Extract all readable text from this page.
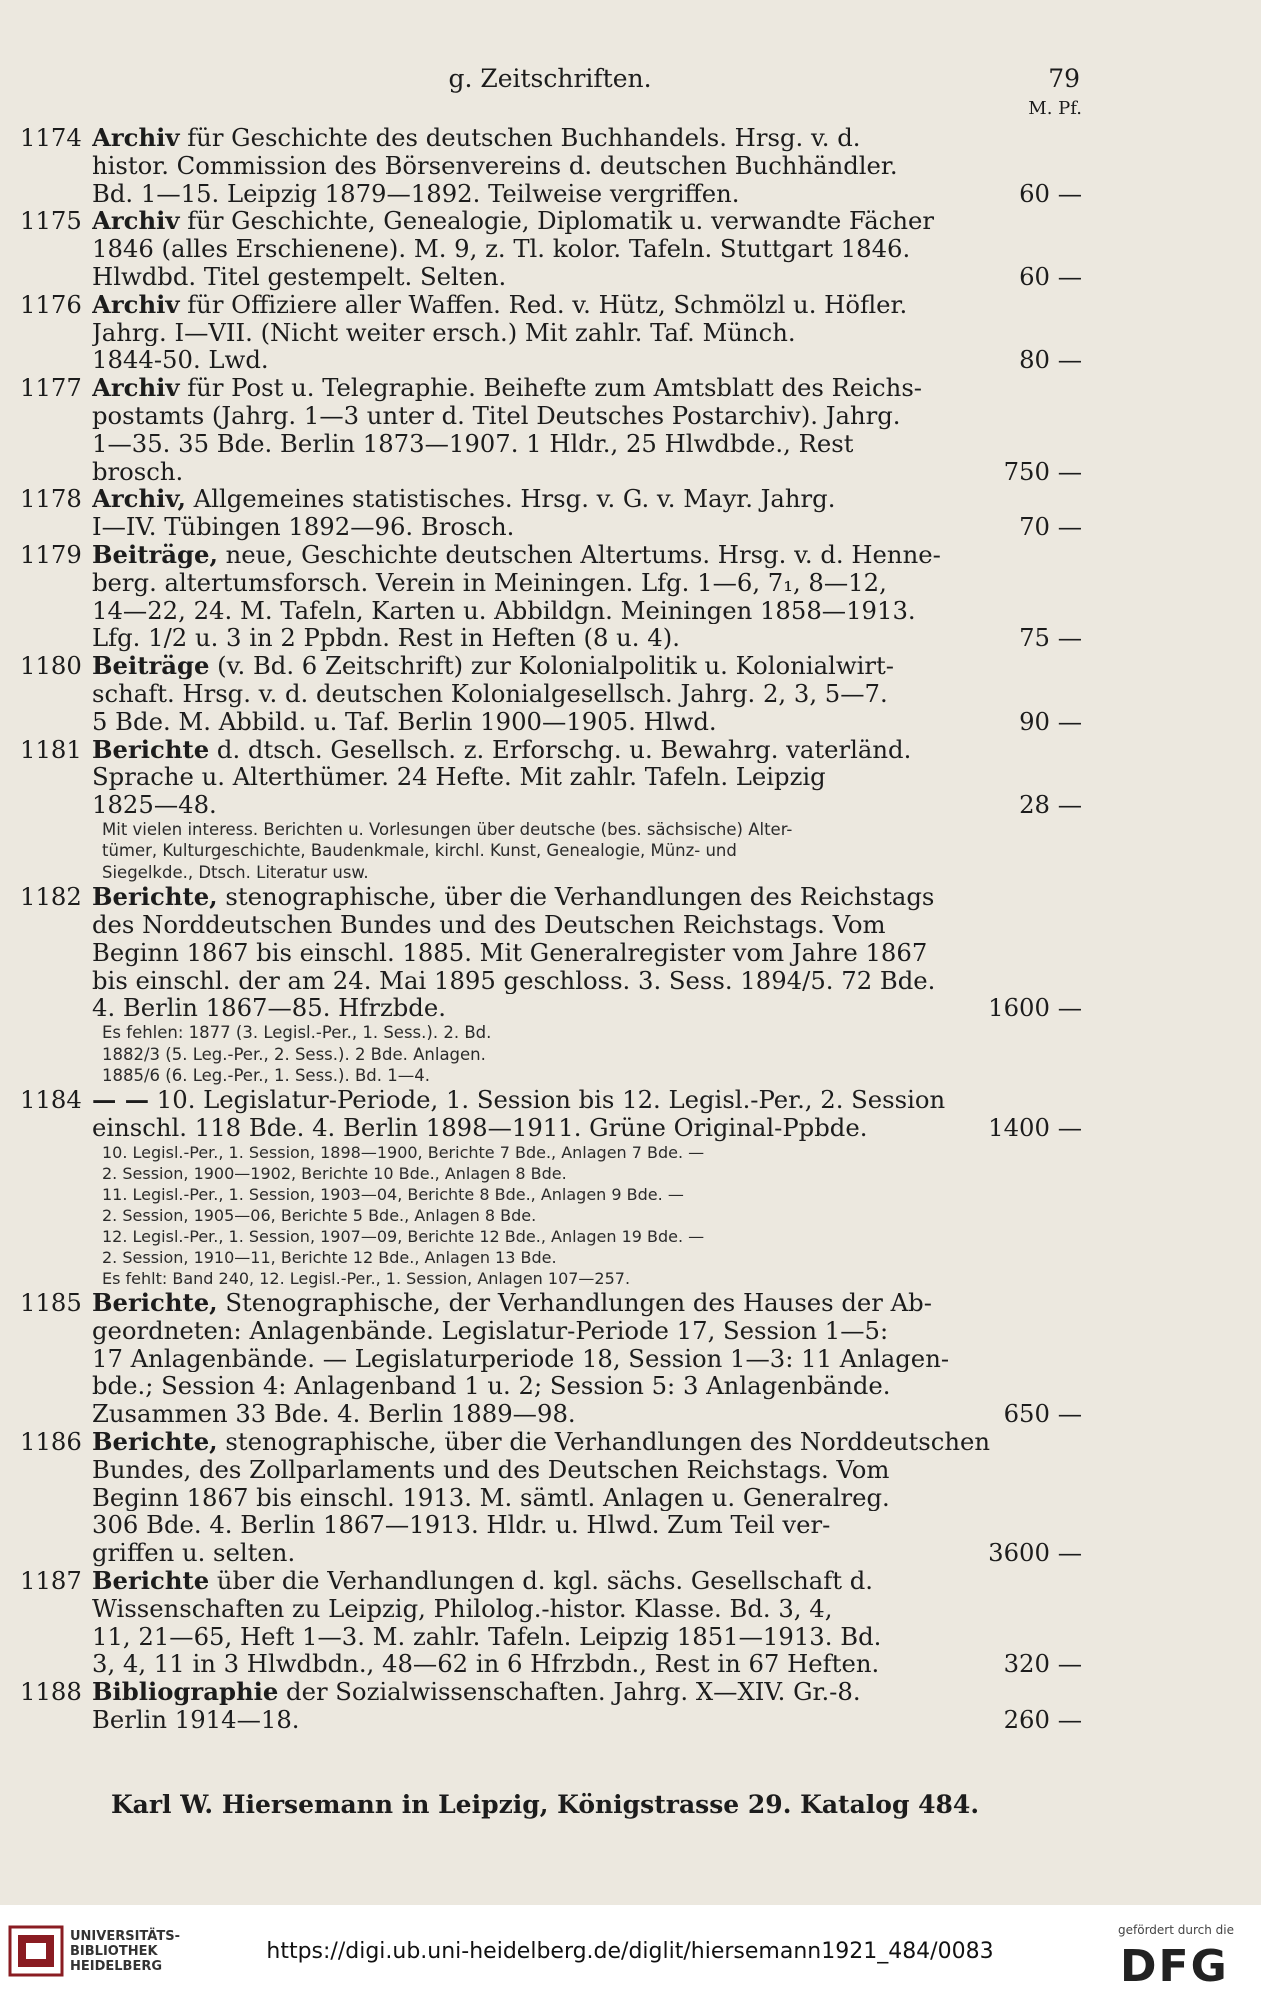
g. Zeitschriften.	79
M. Pf.
1174 Archiv für Geschichte des deutschen Buchhandels. Hrsg. v. d.
histor. Commission des Börsenvereins d. deutschen Buchhändler.
Bd. 1—15. Leipzig 1879—1892. Teilweise vergriffen.	60 —
1175 Archiv für Geschichte, Genealogie, Diplomatik u. verwandte Fächer
1846 (alles Erschienene). M. 9, z. Tl. kolor. Tafeln. Stuttgart 1846.
Hlwdbd. Titel gestempelt. Selten.	60 —
1176 Archiv für Offiziere aller Waffen. Red. v. Hütz, Schmölzl u. Höfler.
Jahrg. I—VII. (Nicht weiter ersch.) Mit zahlr. Taf. Münch.
1844-50. Lwd.	80 —
1177 Archiv für Post u. Telegraphie. Beihefte zum Amtsblatt des Reichs-
postamts (Jahrg. 1—3 unter d. Titel Deutsches Postarchiv). Jahrg.
1—35. 35 Bde. Berlin 1873—1907. 1 Hldr., 25 Hlwdbde., Rest
brosch.	750 —
1178 Archiv, Allgemeines statistisches. Hrsg. v. G. v. Mayr. Jahrg.
I—IV. Tübingen 1892—96. Brosch.	70 —
1179 Beiträge, neue, Geschichte deutschen Altertums. Hrsg. v. d. Henne-
berg. altertumsforsch. Verein in Meiningen. Lfg. 1—6, 7₁, 8—12,
14—22, 24. M. Tafeln, Karten u. Abbildgn. Meiningen 1858—1913.
Lfg. 1/2 u. 3 in 2 Ppbdn. Rest in Heften (8 u. 4).	75 —
1180 Beiträge (v. Bd. 6 Zeitschrift) zur Kolonialpolitik u. Kolonialwirt-
schaft. Hrsg. v. d. deutschen Kolonialgesellsch. Jahrg. 2, 3, 5—7.
5 Bde. M. Abbild. u. Taf. Berlin 1900—1905. Hlwd.	90 —
1181 Berichte d. dtsch. Gesellsch. z. Erforschg. u. Bewahrg. vaterländ.
Sprache u. Alterthümer. 24 Hefte. Mit zahlr. Tafeln. Leipzig
1825—48.	28 —
Mit vielen interess. Berichten u. Vorlesungen über deutsche (bes. sächsische) Alter-
tümer, Kulturgeschichte, Baudenkmale, kirchl. Kunst, Genealogie, Münz- und
Siegelkde., Dtsch. Literatur usw.
1182 Berichte, stenographische, über die Verhandlungen des Reichstags
des Norddeutschen Bundes und des Deutschen Reichstags. Vom
Beginn 1867 bis einschl. 1885. Mit Generalregister vom Jahre 1867
bis einschl. der am 24. Mai 1895 geschloss. 3. Sess. 1894/5. 72 Bde.
4. Berlin 1867—85. Hfrzbde.	1600 —
Es fehlen: 1877 (3. Legisl.-Per., 1. Sess.). 2. Bd.
1882/3 (5. Leg.-Per., 2. Sess.). 2 Bde. Anlagen.
1885/6 (6. Leg.-Per., 1. Sess.). Bd. 1—4.
1184 — — 10. Legislatur-Periode, 1. Session bis 12. Legisl.-Per., 2. Session
einschl. 118 Bde. 4. Berlin 1898—1911. Grüne Original-Ppbde.	1400 —
10. Legisl.-Per., 1. Session, 1898—1900, Berichte 7 Bde., Anlagen 7 Bde. —
2. Session, 1900—1902, Berichte 10 Bde., Anlagen 8 Bde.
11. Legisl.-Per., 1. Session, 1903—04, Berichte 8 Bde., Anlagen 9 Bde. —
2. Session, 1905—06, Berichte 5 Bde., Anlagen 8 Bde.
12. Legisl.-Per., 1. Session, 1907—09, Berichte 12 Bde., Anlagen 19 Bde. —
2. Session, 1910—11, Berichte 12 Bde., Anlagen 13 Bde.
Es fehlt: Band 240, 12. Legisl.-Per., 1. Session, Anlagen 107—257.
1185 Berichte, Stenographische, der Verhandlungen des Hauses der Ab-
geordneten: Anlagenbände. Legislatur-Periode 17, Session 1—5:
17 Anlagenbände. — Legislaturperiode 18, Session 1—3: 11 Anlagen-
bde.; Session 4: Anlagenband 1 u. 2; Session 5: 3 Anlagenbände.
Zusammen 33 Bde. 4. Berlin 1889—98.	650 —
1186 Berichte, stenographische, über die Verhandlungen des Norddeutschen
Bundes, des Zollparlaments und des Deutschen Reichstags. Vom
Beginn 1867 bis einschl. 1913. M. sämtl. Anlagen u. Generalreg.
306 Bde. 4. Berlin 1867—1913. Hldr. u. Hlwd. Zum Teil ver-
griffen u. selten.	3600 —
1187 Berichte über die Verhandlungen d. kgl. sächs. Gesellschaft d.
Wissenschaften zu Leipzig, Philolog.-histor. Klasse. Bd. 3, 4,
11, 21—65, Heft 1—3. M. zahlr. Tafeln. Leipzig 1851—1913. Bd.
3, 4, 11 in 3 Hlwdbdn., 48—62 in 6 Hfrzbdn., Rest in 67 Heften.	320 —
1188 Bibliographie der Sozialwissenschaften. Jahrg. X—XIV. Gr.-8.
Berlin 1914—18.	260 —
Karl W. Hiersemann in Leipzig, Königstrasse 29. Katalog 484.
UNIVERSITÄTS-
BIBLIOTHEK
HEIDELBERG
https://digi.ub.uni-heidelberg.de/diglit/hiersemann1921_484/0083
gefördert durch die
DFG
